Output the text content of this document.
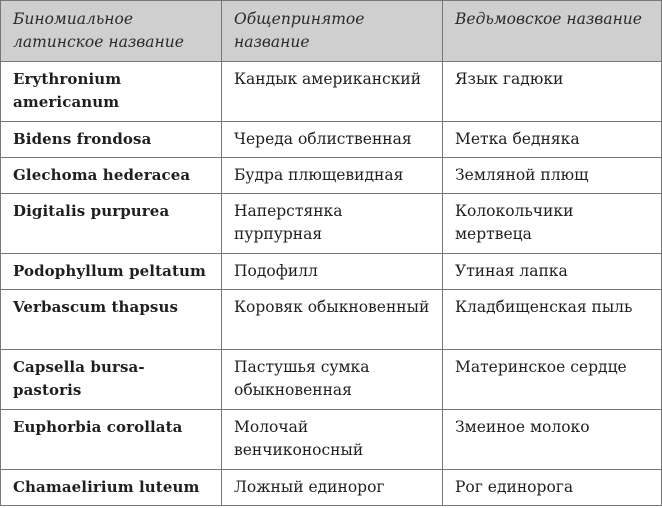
Биномиальное латинское название	Общепринятое название	Ведьмовское название
Erythronium americanum	Кандык американский	Язык гадюки
Bidens frondosa	Череда облиственная	Метка бедняка
Glechoma hederacea	Будра плющевидная	Земляной плющ
Digitalis purpurea	Наперстянка пурпурная	Колокольчики мертвеца
Podophyllum peltatum	Подофилл	Утиная лапка
Verbascum thapsus	Коровяк обыкновенный	Кладбищенская пыль
Capsella bursa-pastoris	Пастушья сумка обыкновенная	Материнское сердце
Euphorbia corollata	Молочай венчиконосный	Змеиное молоко
Chamaelirium luteum	Ложный единорог	Рог единорога
